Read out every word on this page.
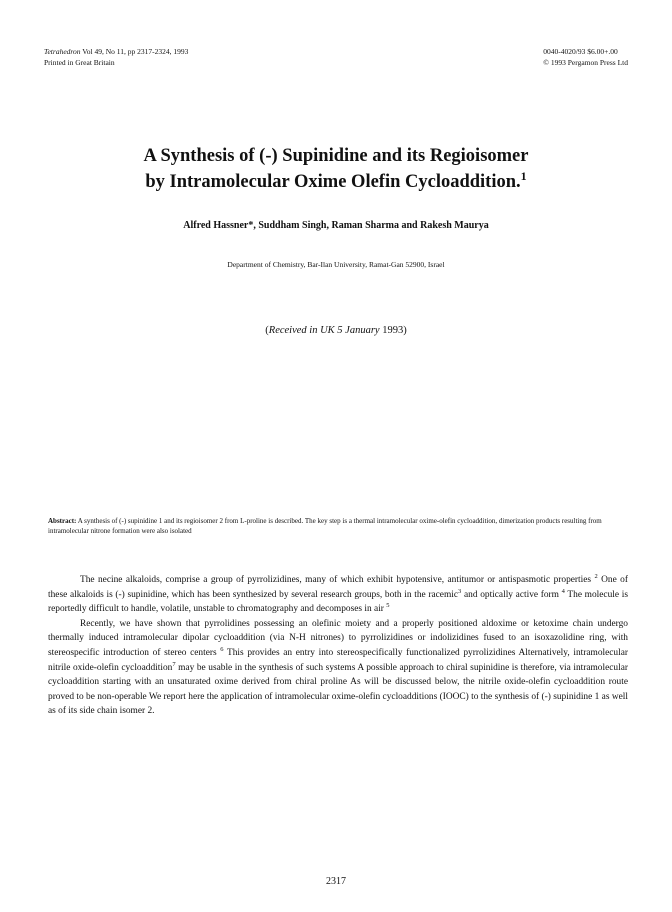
Tetrahedron Vol 49, No 11, pp 2317-2324, 1993
Printed in Great Britain
0040-4020/93 $6.00+.00
© 1993 Pergamon Press Ltd
A Synthesis of (-) Supinidine and its Regioisomer
by Intramolecular Oxime Olefin Cycloaddition.$^1$
Alfred Hassner*, Suddham Singh, Raman Sharma and Rakesh Maurya
Department of Chemistry, Bar-Ilan University, Ramat-Gan 52900, Israel
(Received in UK 5 January 1993)
Abstract: A synthesis of (-) supinidine 1 and its regioisomer 2 from L-proline is described. The key step is a thermal intramolecular oxime-olefin cycloaddition, dimerization products resulting from intramolecular nitrone formation were also isolated

The necine alkaloids, comprise a group of pyrrolizidines, many of which exhibit hypotensive, antitumor or antispasmotic properties $^2$ One of these alkaloids is (-) supinidine, which has been synthesized by several research groups, both in the racemic$^3$ and optically active form $^4$ The molecule is reportedly difficult to handle, volatile, unstable to chromatography and decomposes in air $^5$

Recently, we have shown that pyrrolidines possessing an olefinic moiety and a properly positioned aldoxime or ketoxime chain undergo thermally induced intramolecular dipolar cycloaddition (via N-H nitrones) to pyrrolizidines or indolizidines fused to an isoxazolidine ring, with stereospecific introduction of stereo centers $^6$ This provides an entry into stereospecifically functionalized pyrrolizidines Alternatively, intramolecular nitrile oxide-olefin cycloaddition$^7$ may be usable in the synthesis of such systems A possible approach to chiral supinidine is therefore, via intramolecular cycloaddition starting with an unsaturated oxime derived from chiral proline As will be discussed below, the nitrile oxide-olefin cycloaddition route proved to be non-operable We report here the application of intramolecular oxime-olefin cycloadditions (IOOC) to the synthesis of (-) supinidine 1 as well as of its side chain isomer 2.

2317
